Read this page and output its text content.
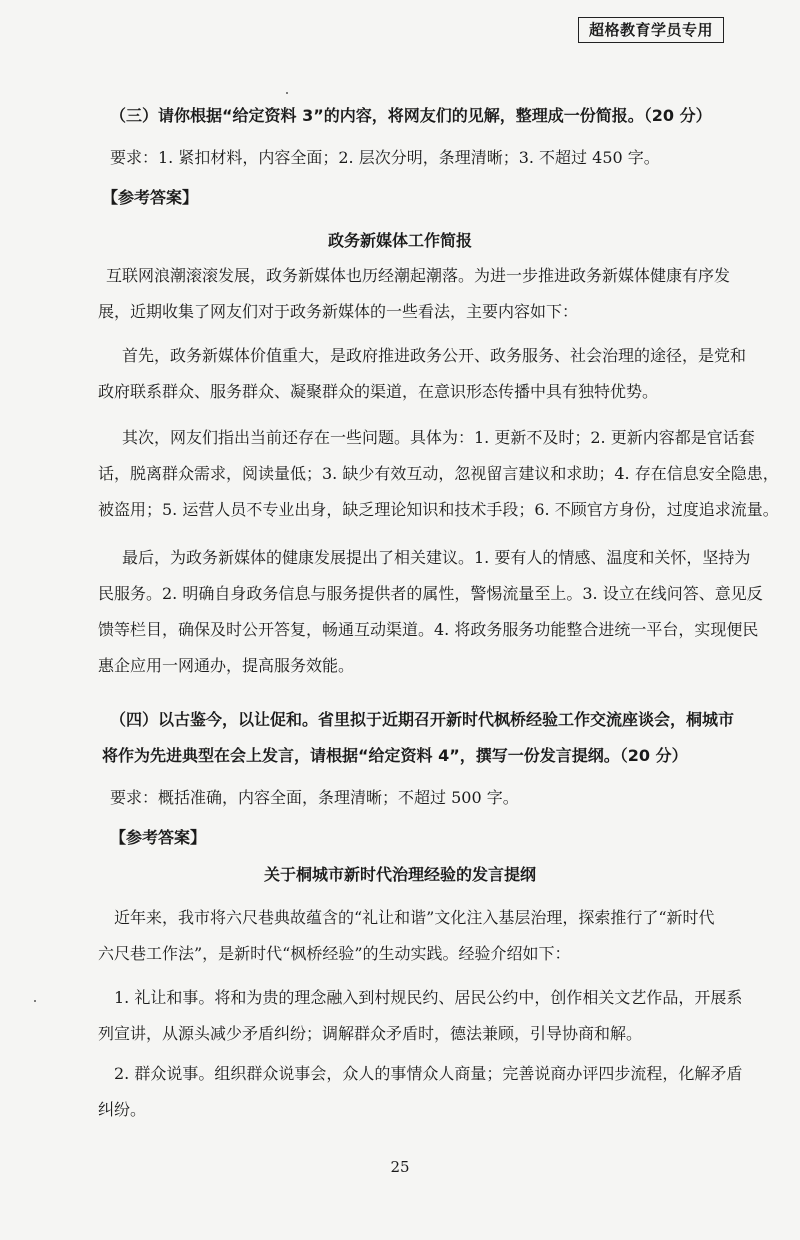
超格教育学员专用
（三）请你根据“给定资料 3”的内容，将网友们的见解，整理成一份简报。（20 分）
要求：1. 紧扣材料，内容全面；2. 层次分明，条理清晰；3. 不超过 450 字。
【参考答案】
政务新媒体工作简报
互联网浪潮滚滚发展，政务新媒体也历经潮起潮落。为进一步推进政务新媒体健康有序发
展，近期收集了网友们对于政务新媒体的一些看法，主要内容如下：
首先，政务新媒体价值重大，是政府推进政务公开、政务服务、社会治理的途径，是党和
政府联系群众、服务群众、凝聚群众的渠道，在意识形态传播中具有独特优势。
其次，网友们指出当前还存在一些问题。具体为：1. 更新不及时；2. 更新内容都是官话套
话，脱离群众需求，阅读量低；3. 缺少有效互动，忽视留言建议和求助；4. 存在信息安全隐患，
被盗用；5. 运营人员不专业出身，缺乏理论知识和技术手段；6. 不顾官方身份，过度追求流量。
最后，为政务新媒体的健康发展提出了相关建议。1. 要有人的情感、温度和关怀，坚持为
民服务。2. 明确自身政务信息与服务提供者的属性，警惕流量至上。3. 设立在线问答、意见反
馈等栏目，确保及时公开答复，畅通互动渠道。4. 将政务服务功能整合进统一平台，实现便民
惠企应用一网通办，提高服务效能。
（四）以古鉴今，以让促和。省里拟于近期召开新时代枫桥经验工作交流座谈会，桐城市
将作为先进典型在会上发言，请根据“给定资料 4”，撰写一份发言提纲。（20 分）
要求：概括准确，内容全面，条理清晰；不超过 500 字。
【参考答案】
关于桐城市新时代治理经验的发言提纲
近年来，我市将六尺巷典故蕴含的“礼让和谐”文化注入基层治理，探索推行了“新时代
六尺巷工作法”，是新时代“枫桥经验”的生动实践。经验介绍如下：
1. 礼让和事。将和为贵的理念融入到村规民约、居民公约中，创作相关文艺作品，开展系
列宣讲，从源头减少矛盾纠纷；调解群众矛盾时，德法兼顾，引导协商和解。
2. 群众说事。组织群众说事会，众人的事情众人商量；完善说商办评四步流程，化解矛盾
纠纷。
25
